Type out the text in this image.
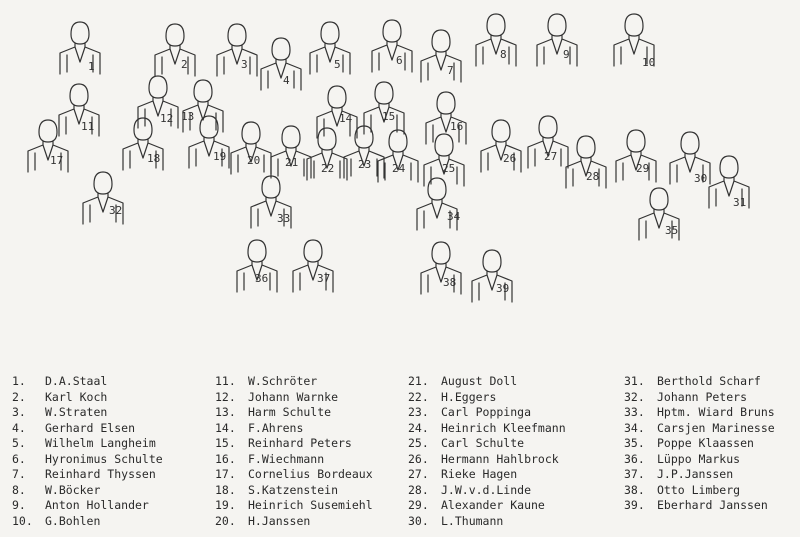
1	2	3
4
5	6
7
8	9
10
11
12 13	14	15
16
17	18	19 20 21 22 23 24	25
26	27
28
29
30
31
32
33	34
35
36	37	38	39
1. D.A.Staal
2. Karl Koch
3. W.Straten
4. Gerhard Elsen
5. Wilhelm Langheim
6. Hyronimus Schulte
7. Reinhard Thyssen
8. W.Böcker
9. Anton Hollander
10. G.Bohlen
11. W.Schröter
12. Johann Warnke
13. Harm Schulte
14. F.Ahrens
15. Reinhard Peters
16. F.Wiechmann
17. Cornelius Bordeaux
18. S.Katzenstein
19. Heinrich Susemiehl
20. H.Janssen
21. August Doll
22. H.Eggers
23. Carl Poppinga
24. Heinrich Kleefmann
25. Carl Schulte
26. Hermann Hahlbrock
27. Rieke Hagen
28. J.W.v.d.Linde
29. Alexander Kaune
30. L.Thumann
31. Berthold Scharf
32. Johann Peters
33. Hptm. Wiard Bruns
34. Carsjen Marinesse
35. Poppe Klaassen
36. Lüppo Markus
37. J.P.Janssen
38. Otto Limberg
39. Eberhard Janssen
